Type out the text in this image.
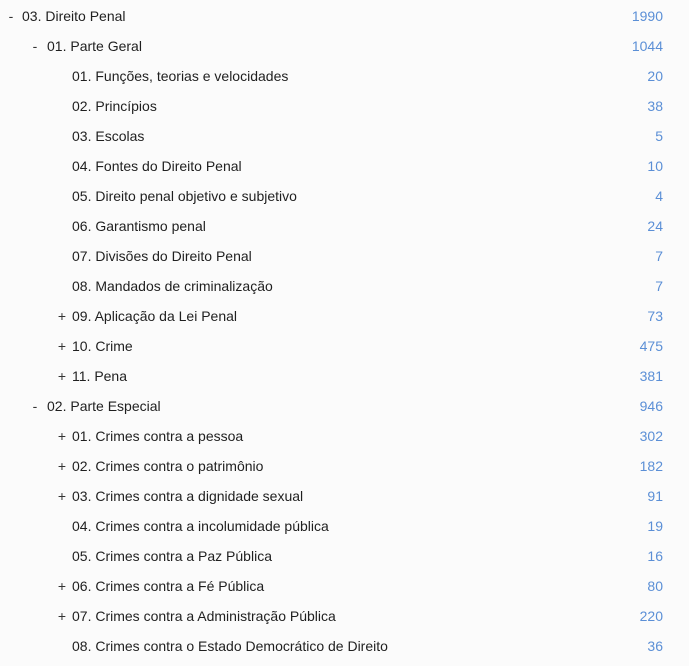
- 03. Direito Penal	1990
- 01. Parte Geral	1044
01. Funções, teorias e velocidades	20
02. Princípios	38
03. Escolas	5
04. Fontes do Direito Penal	10
05. Direito penal objetivo e subjetivo	4
06. Garantismo penal	24
07. Divisões do Direito Penal	7
08. Mandados de criminalização	7
+ 09. Aplicação da Lei Penal	73
+ 10. Crime	475
+ 11. Pena	381
- 02. Parte Especial	946
+ 01. Crimes contra a pessoa	302
+ 02. Crimes contra o patrimônio	182
+ 03. Crimes contra a dignidade sexual	91
04. Crimes contra a incolumidade pública	19
05. Crimes contra a Paz Pública	16
+ 06. Crimes contra a Fé Pública	80
+ 07. Crimes contra a Administração Pública	220
08. Crimes contra o Estado Democrático de Direito	36
